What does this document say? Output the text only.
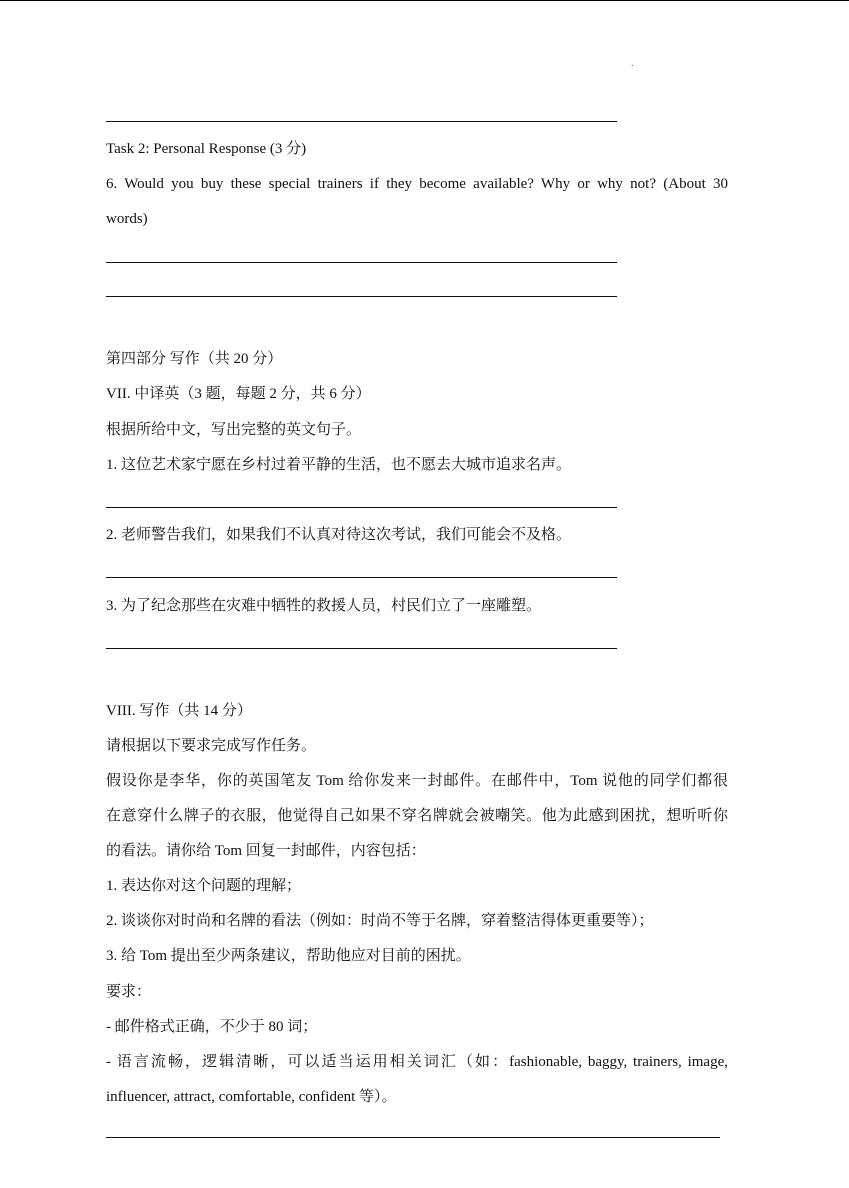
.
Task 2: Personal Response (3 分)
6. Would you buy these special trainers if they become available? Why or why not? (About 30
words)
第四部分 写作（共 20 分）
VII. 中译英（3 题，每题 2 分，共 6 分）
根据所给中文，写出完整的英文句子。
1. 这位艺术家宁愿在乡村过着平静的生活，也不愿去大城市追求名声。
2. 老师警告我们，如果我们不认真对待这次考试，我们可能会不及格。
3. 为了纪念那些在灾难中牺牲的救援人员，村民们立了一座雕塑。
VIII. 写作（共 14 分）
请根据以下要求完成写作任务。
假设你是李华，你的英国笔友 Tom 给你发来一封邮件。在邮件中，Tom 说他的同学们都很
在意穿什么牌子的衣服，他觉得自己如果不穿名牌就会被嘲笑。他为此感到困扰，想听听你
的看法。请你给 Tom 回复一封邮件，内容包括：
1. 表达你对这个问题的理解；
2. 谈谈你对时尚和名牌的看法（例如：时尚不等于名牌，穿着整洁得体更重要等）；
3. 给 Tom 提出至少两条建议，帮助他应对目前的困扰。
要求：
- 邮件格式正确，不少于 80 词；
- 语言流畅，逻辑清晰，可以适当运用相关词汇（如：fashionable, baggy, trainers, image,
influencer, attract, comfortable, confident 等）。
